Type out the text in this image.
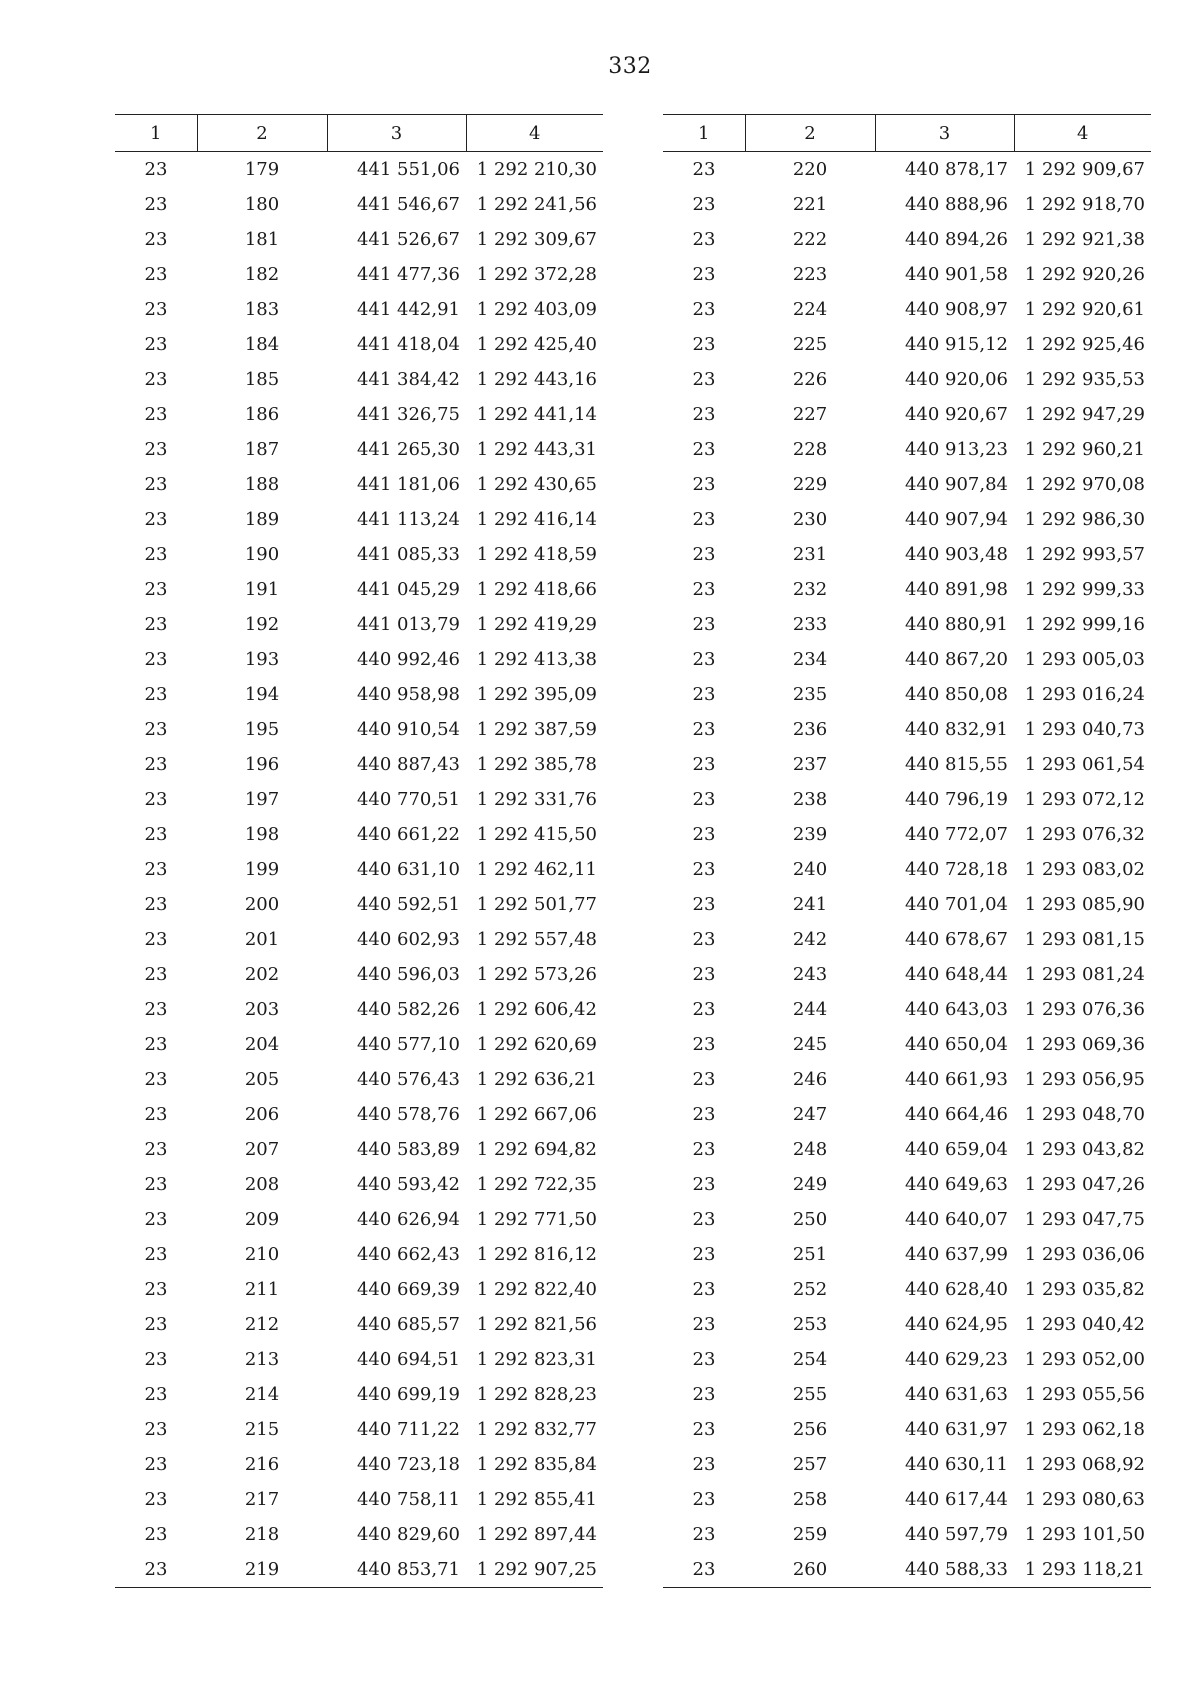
332
1	2	3	4
23	179	441 551,06	1 292 210,30
23	180	441 546,67	1 292 241,56
23	181	441 526,67	1 292 309,67
23	182	441 477,36	1 292 372,28
23	183	441 442,91	1 292 403,09
23	184	441 418,04	1 292 425,40
23	185	441 384,42	1 292 443,16
23	186	441 326,75	1 292 441,14
23	187	441 265,30	1 292 443,31
23	188	441 181,06	1 292 430,65
23	189	441 113,24	1 292 416,14
23	190	441 085,33	1 292 418,59
23	191	441 045,29	1 292 418,66
23	192	441 013,79	1 292 419,29
23	193	440 992,46	1 292 413,38
23	194	440 958,98	1 292 395,09
23	195	440 910,54	1 292 387,59
23	196	440 887,43	1 292 385,78
23	197	440 770,51	1 292 331,76
23	198	440 661,22	1 292 415,50
23	199	440 631,10	1 292 462,11
23	200	440 592,51	1 292 501,77
23	201	440 602,93	1 292 557,48
23	202	440 596,03	1 292 573,26
23	203	440 582,26	1 292 606,42
23	204	440 577,10	1 292 620,69
23	205	440 576,43	1 292 636,21
23	206	440 578,76	1 292 667,06
23	207	440 583,89	1 292 694,82
23	208	440 593,42	1 292 722,35
23	209	440 626,94	1 292 771,50
23	210	440 662,43	1 292 816,12
23	211	440 669,39	1 292 822,40
23	212	440 685,57	1 292 821,56
23	213	440 694,51	1 292 823,31
23	214	440 699,19	1 292 828,23
23	215	440 711,22	1 292 832,77
23	216	440 723,18	1 292 835,84
23	217	440 758,11	1 292 855,41
23	218	440 829,60	1 292 897,44
23	219	440 853,71	1 292 907,25
1	2	3	4
23	220	440 878,17	1 292 909,67
23	221	440 888,96	1 292 918,70
23	222	440 894,26	1 292 921,38
23	223	440 901,58	1 292 920,26
23	224	440 908,97	1 292 920,61
23	225	440 915,12	1 292 925,46
23	226	440 920,06	1 292 935,53
23	227	440 920,67	1 292 947,29
23	228	440 913,23	1 292 960,21
23	229	440 907,84	1 292 970,08
23	230	440 907,94	1 292 986,30
23	231	440 903,48	1 292 993,57
23	232	440 891,98	1 292 999,33
23	233	440 880,91	1 292 999,16
23	234	440 867,20	1 293 005,03
23	235	440 850,08	1 293 016,24
23	236	440 832,91	1 293 040,73
23	237	440 815,55	1 293 061,54
23	238	440 796,19	1 293 072,12
23	239	440 772,07	1 293 076,32
23	240	440 728,18	1 293 083,02
23	241	440 701,04	1 293 085,90
23	242	440 678,67	1 293 081,15
23	243	440 648,44	1 293 081,24
23	244	440 643,03	1 293 076,36
23	245	440 650,04	1 293 069,36
23	246	440 661,93	1 293 056,95
23	247	440 664,46	1 293 048,70
23	248	440 659,04	1 293 043,82
23	249	440 649,63	1 293 047,26
23	250	440 640,07	1 293 047,75
23	251	440 637,99	1 293 036,06
23	252	440 628,40	1 293 035,82
23	253	440 624,95	1 293 040,42
23	254	440 629,23	1 293 052,00
23	255	440 631,63	1 293 055,56
23	256	440 631,97	1 293 062,18
23	257	440 630,11	1 293 068,92
23	258	440 617,44	1 293 080,63
23	259	440 597,79	1 293 101,50
23	260	440 588,33	1 293 118,21
